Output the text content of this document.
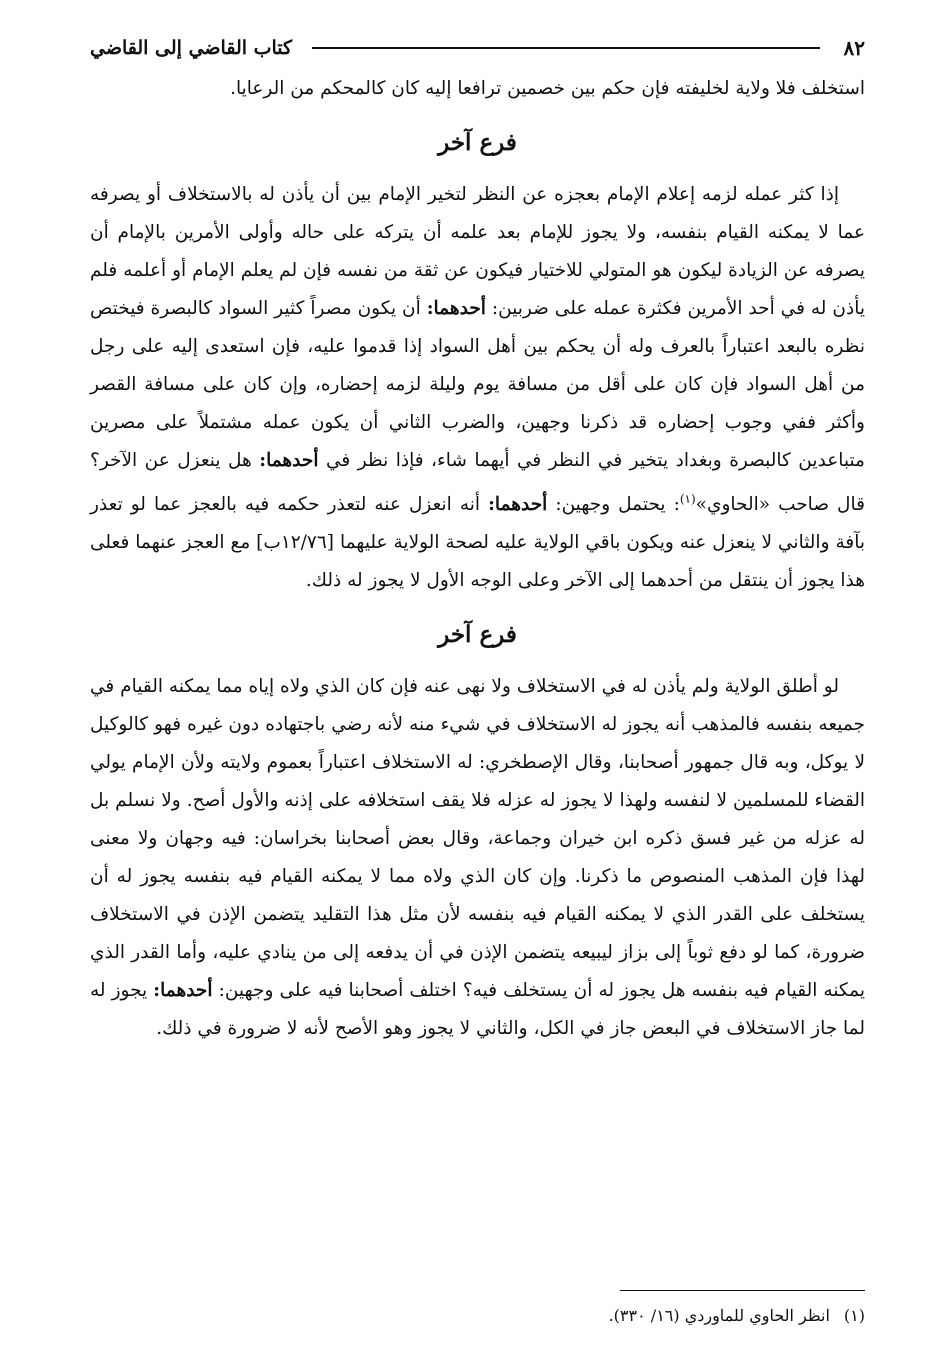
٨٢
كتاب القاضي إلى القاضي

استخلف فلا ولاية لخليفته فإن حكم بين خصمين ترافعا إليه كان كالمحكم من الرعايا.

فرع آخر

إذا كثر عمله لزمه إعلام الإمام بعجزه عن النظر لتخير الإمام بين أن يأذن له بالاستخلاف أو يصرفه عما لا يمكنه القيام بنفسه، ولا يجوز للإمام بعد علمه أن يتركه على حاله وأولى الأمرين بالإمام أن يصرفه عن الزيادة ليكون هو المتولي للاختيار فيكون عن ثقة من نفسه فإن لم يعلم الإمام أو أعلمه فلم يأذن له في أحد الأمرين فكثرة عمله على ضربين: أحدهما: أن يكون مصراً كثير السواد كالبصرة فيختص نظره بالبعد اعتباراً بالعرف وله أن يحكم بين أهل السواد إذا قدموا عليه، فإن استعدى إليه على رجل من أهل السواد فإن كان على أقل من مسافة يوم وليلة لزمه إحضاره، وإن كان على مسافة القصر وأكثر ففي وجوب إحضاره قد ذكرنا وجهين، والضرب الثاني أن يكون عمله مشتملاً على مصرين متباعدين كالبصرة وبغداد يتخير في النظر في أيهما شاء، فإذا نظر في أحدهما: هل ينعزل عن الآخر؟ قال صاحب «الحاوي»$^{(١)}$: يحتمل وجهين: أحدهما: أنه انعزل عنه لتعذر حكمه فيه بالعجز عما لو تعذر بآفة والثاني لا ينعزل عنه ويكون باقي الولاية عليه لصحة الولاية عليهما [١٢/٧٦ب] مع العجز عنهما فعلى هذا يجوز أن ينتقل من أحدهما إلى الآخر وعلى الوجه الأول لا يجوز له ذلك.

فرع آخر

لو أطلق الولاية ولم يأذن له في الاستخلاف ولا نهى عنه فإن كان الذي ولاه إياه مما يمكنه القيام في جميعه بنفسه فالمذهب أنه يجوز له الاستخلاف في شيء منه لأنه رضي باجتهاده دون غيره فهو كالوكيل لا يوكل، وبه قال جمهور أصحابنا، وقال الإصطخري: له الاستخلاف اعتباراً بعموم ولايته ولأن الإمام يولي القضاء للمسلمين لا لنفسه ولهذا لا يجوز له عزله فلا يقف استخلافه على إذنه والأول أصح. ولا نسلم بل له عزله من غير فسق ذكره ابن خيران وجماعة، وقال بعض أصحابنا بخراسان: فيه وجهان ولا معنى لهذا فإن المذهب المنصوص ما ذكرنا. وإن كان الذي ولاه مما لا يمكنه القيام فيه بنفسه يجوز له أن يستخلف على القدر الذي لا يمكنه القيام فيه بنفسه لأن مثل هذا التقليد يتضمن الإذن في الاستخلاف ضرورة، كما لو دفع ثوباً إلى بزاز ليبيعه يتضمن الإذن في أن يدفعه إلى من ينادي عليه، وأما القدر الذي يمكنه القيام فيه بنفسه هل يجوز له أن يستخلف فيه؟ اختلف أصحابنا فيه على وجهين: أحدهما: يجوز له لما جاز الاستخلاف في البعض جاز في الكل، والثاني لا يجوز وهو الأصح لأنه لا ضرورة في ذلك.

(١)انظر الحاوي للماوردي (١٦/ ٣٣٠).
